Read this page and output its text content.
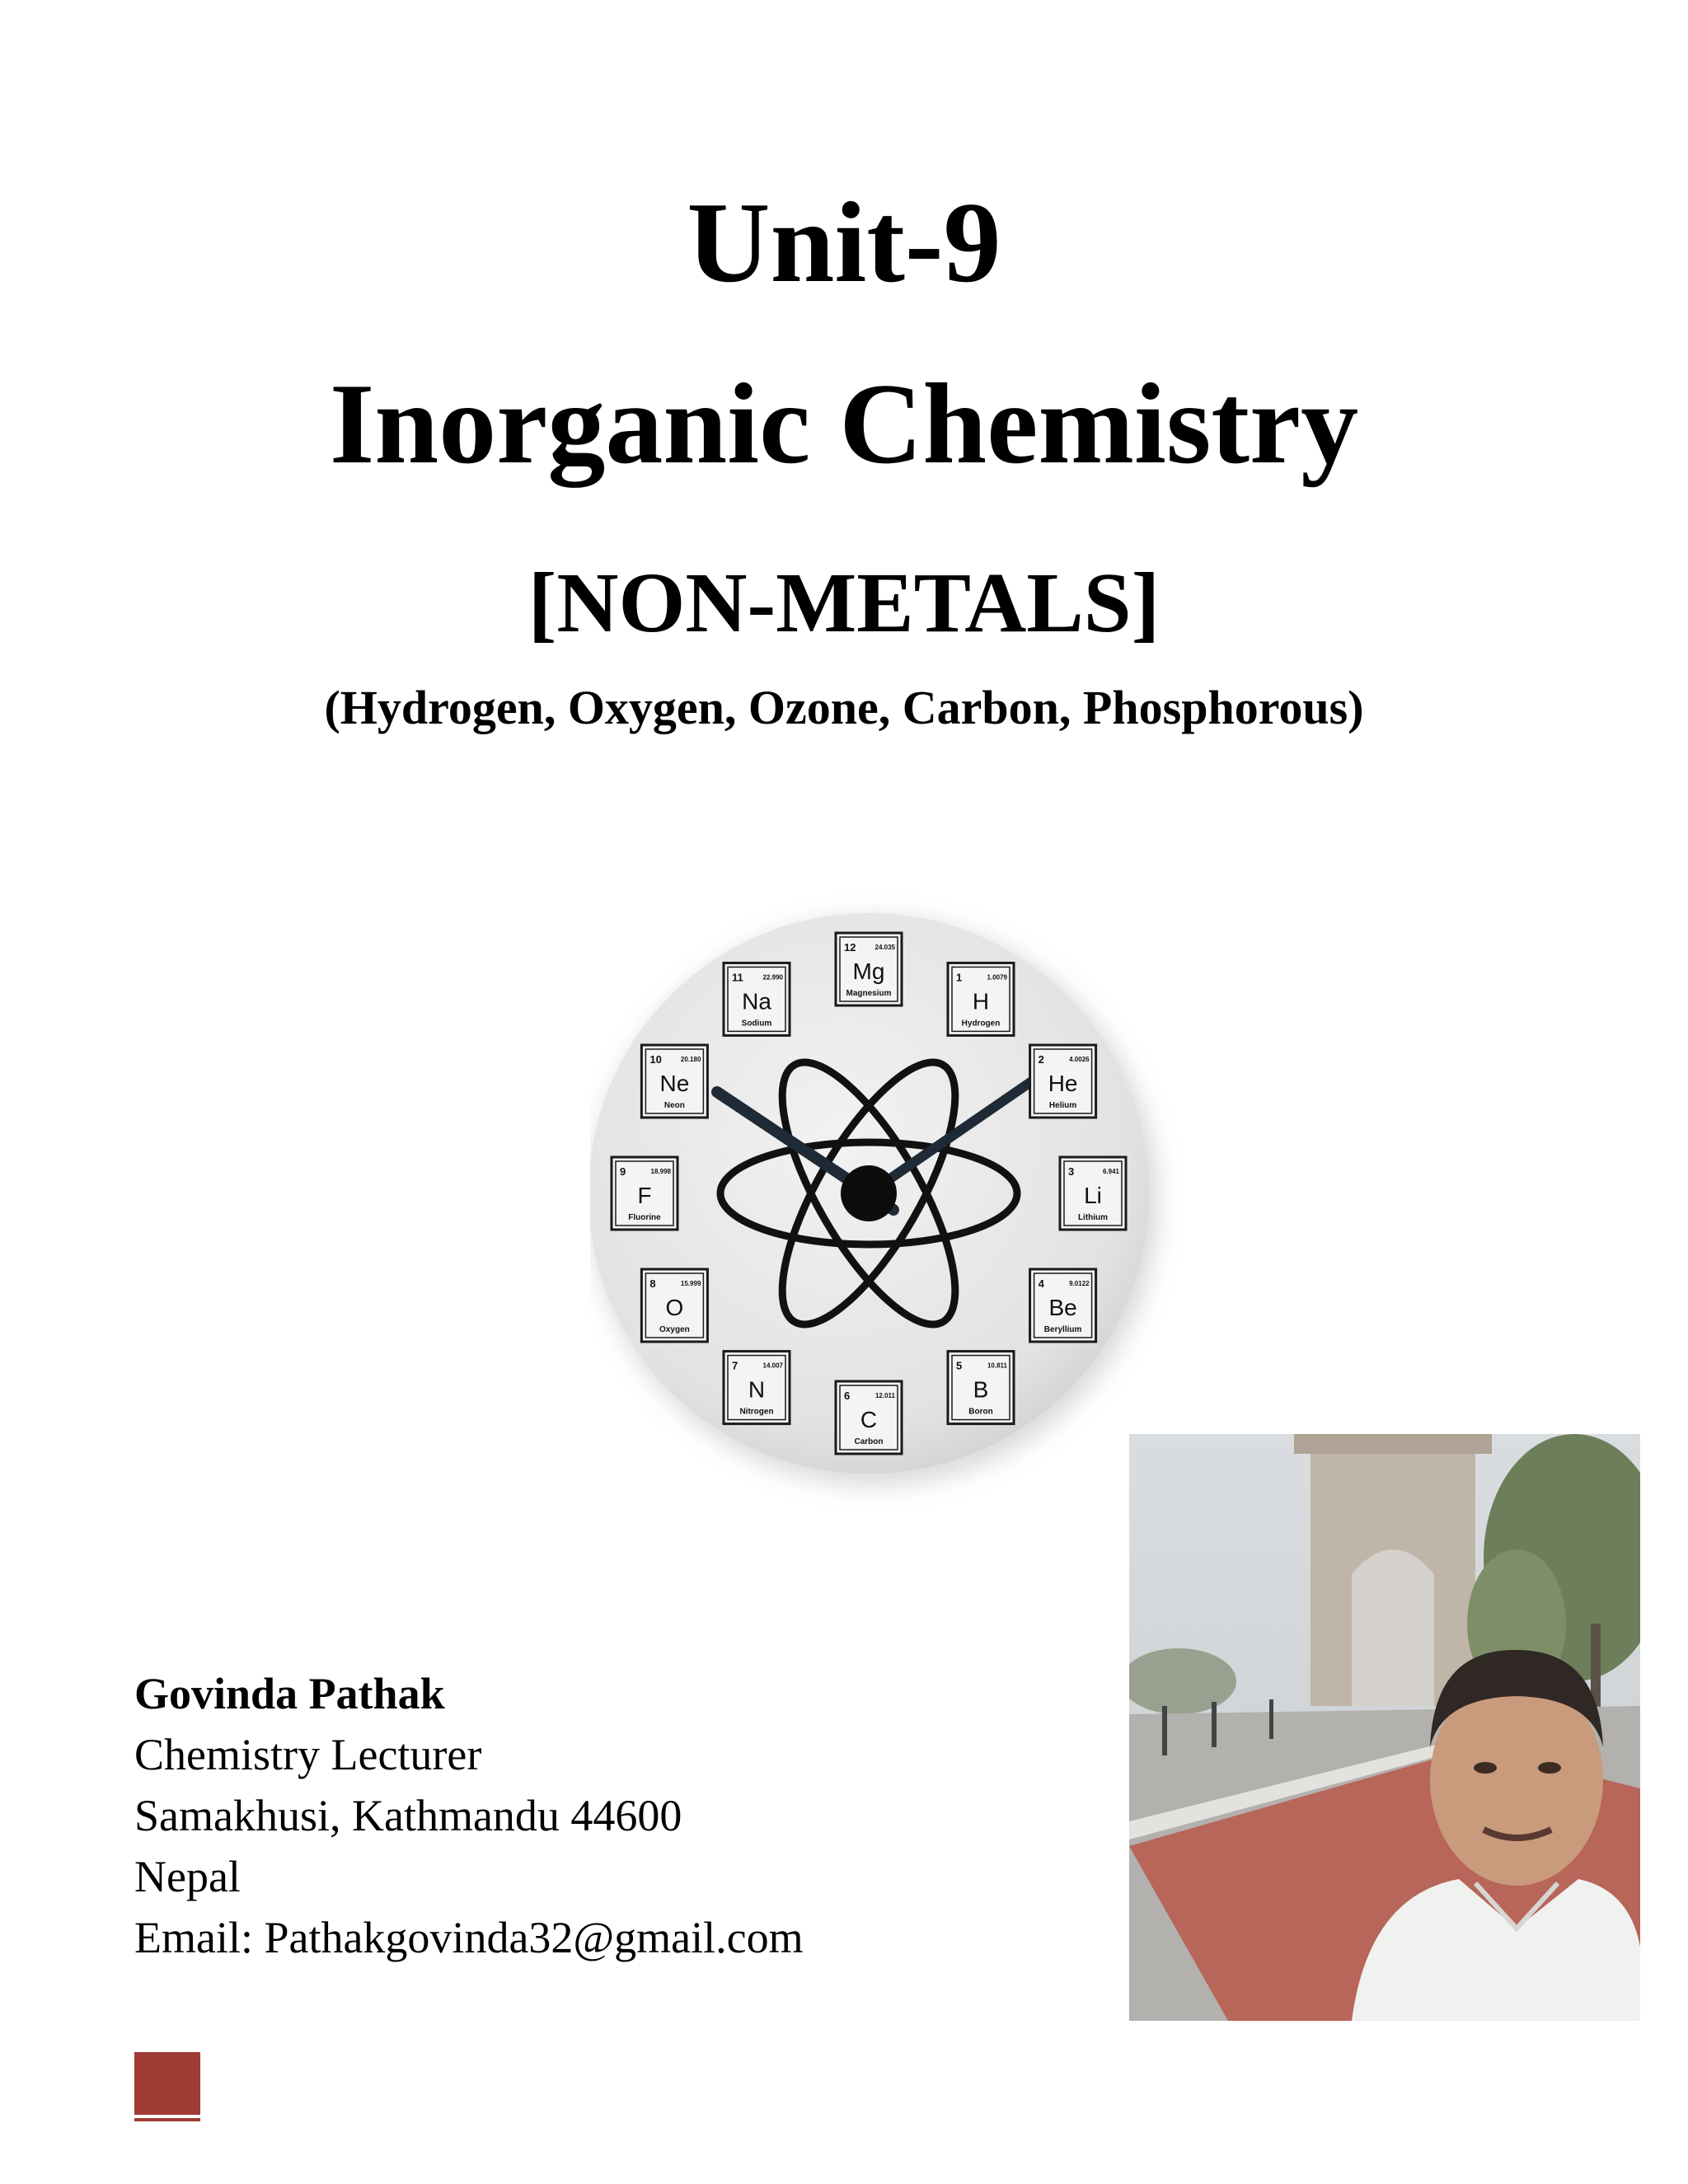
Unit-9
Inorganic Chemistry
[NON-METALS]
(Hydrogen, Oxygen, Ozone, Carbon, Phosphorous)
12	24.035
Mg
Magnesium
1	1.0079
H
Hydrogen
2	4.0026
He
Helium
3	6.941
Li
Lithium
4	9.0122
Be
Beryllium
5	10.811
B
Boron
6	12.011
C
Carbon
7	14.007
N
Nitrogen
8	15.999
O
Oxygen
9	18.998
F
Fluorine
10	20.180
Ne
Neon
11	22.990
Na
Sodium
Govinda Pathak
Chemistry Lecturer
Samakhusi, Kathmandu 44600
Nepal
Email: Pathakgovinda32@gmail.com
